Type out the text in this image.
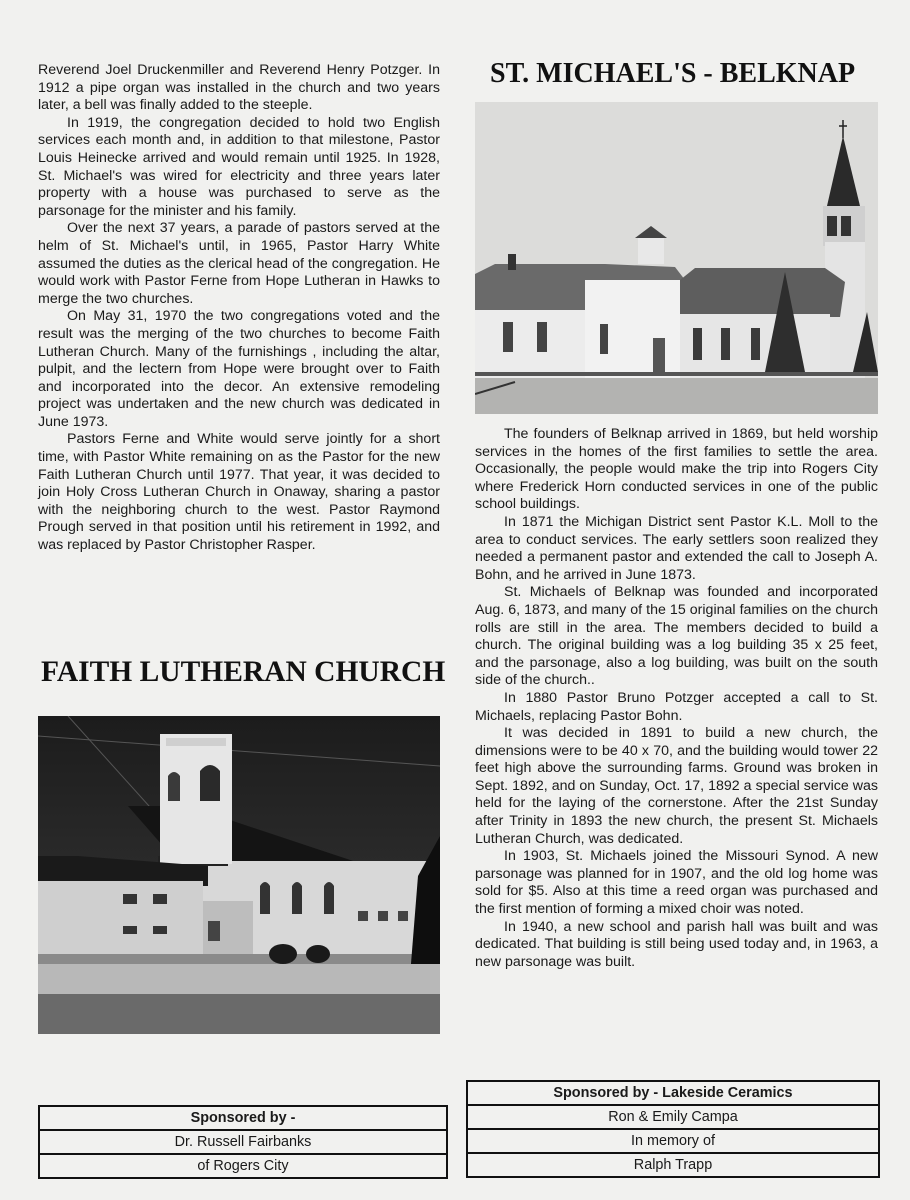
Reverend Joel Druckenmiller and Reverend Henry Potzger. In 1912 a pipe organ was installed in the church and two years later, a bell was finally added to the steeple.

In 1919, the congregation decided to hold two English services each month and, in addition to that milestone, Pastor Louis Heinecke arrived and would remain until 1925. In 1928, St. Michael's was wired for electricity and three years later property with a house was purchased to serve as the parsonage for the minister and his family.

Over the next 37 years, a parade of pastors served at the helm of St. Michael's until, in 1965, Pastor Harry White assumed the duties as the clerical head of the congregation. He would work with Pastor Ferne from Hope Lutheran in Hawks to merge the two churches.

On May 31, 1970 the two congregations voted and the result was the merging of the two churches to become Faith Lutheran Church. Many of the furnishings , including the altar, pulpit, and the lectern from Hope were brought over to Faith and incorporated into the decor. An extensive remodeling project was undertaken and the new church was dedicated in June 1973.

Pastors Ferne and White would serve jointly for a short time, with Pastor White remaining on as the Pastor for the new Faith Lutheran Church until 1977. That year, it was decided to join Holy Cross Lutheran Church in Onaway, sharing a pastor with the neighboring church to the west. Pastor Raymond Prough served in that position until his retirement in 1992, and was replaced by Pastor Christopher Rasper.

FAITH LUTHERAN CHURCH
Sponsored by -
Dr. Russell Fairbanks
of Rogers City
ST. MICHAEL'S - BELKNAP

The founders of Belknap arrived in 1869, but held worship services in the homes of the first families to settle the area. Occasionally, the people would make the trip into Rogers City where Frederick Horn conducted services in one of the public school buildings.

In 1871 the Michigan District sent Pastor K.L. Moll to the area to conduct services. The early settlers soon realized they needed a permanent pastor and extended the call to Joseph A. Bohn, and he arrived in June 1873.

St. Michaels of Belknap was founded and incorporated Aug. 6, 1873, and many of the 15 original families on the church rolls are still in the area. The members decided to build a church. The original building was a log building 35 x 25 feet, and the parsonage, also a log building, was built on the south side of the church..

In 1880 Pastor Bruno Potzger accepted a call to St. Michaels, replacing Pastor Bohn.

It was decided in 1891 to build a new church, the dimensions were to be 40 x 70, and the building would tower 22 feet high above the surrounding farms. Ground was broken in Sept. 1892, and on Sunday, Oct. 17, 1892 a special service was held for the laying of the cornerstone. After the 21st Sunday after Trinity in 1893 the new church, the present St. Michaels Lutheran Church, was dedicated.

In 1903, St. Michaels joined the Missouri Synod. A new parsonage was planned for in 1907, and the old log home was sold for $5. Also at this time a reed organ was purchased and the first mention of forming a mixed choir was noted.

In 1940, a new school and parish hall was built and was dedicated. That building is still being used today and, in 1963, a new parsonage was built.

Sponsored by - Lakeside Ceramics
Ron & Emily Campa
In memory of
Ralph Trapp
